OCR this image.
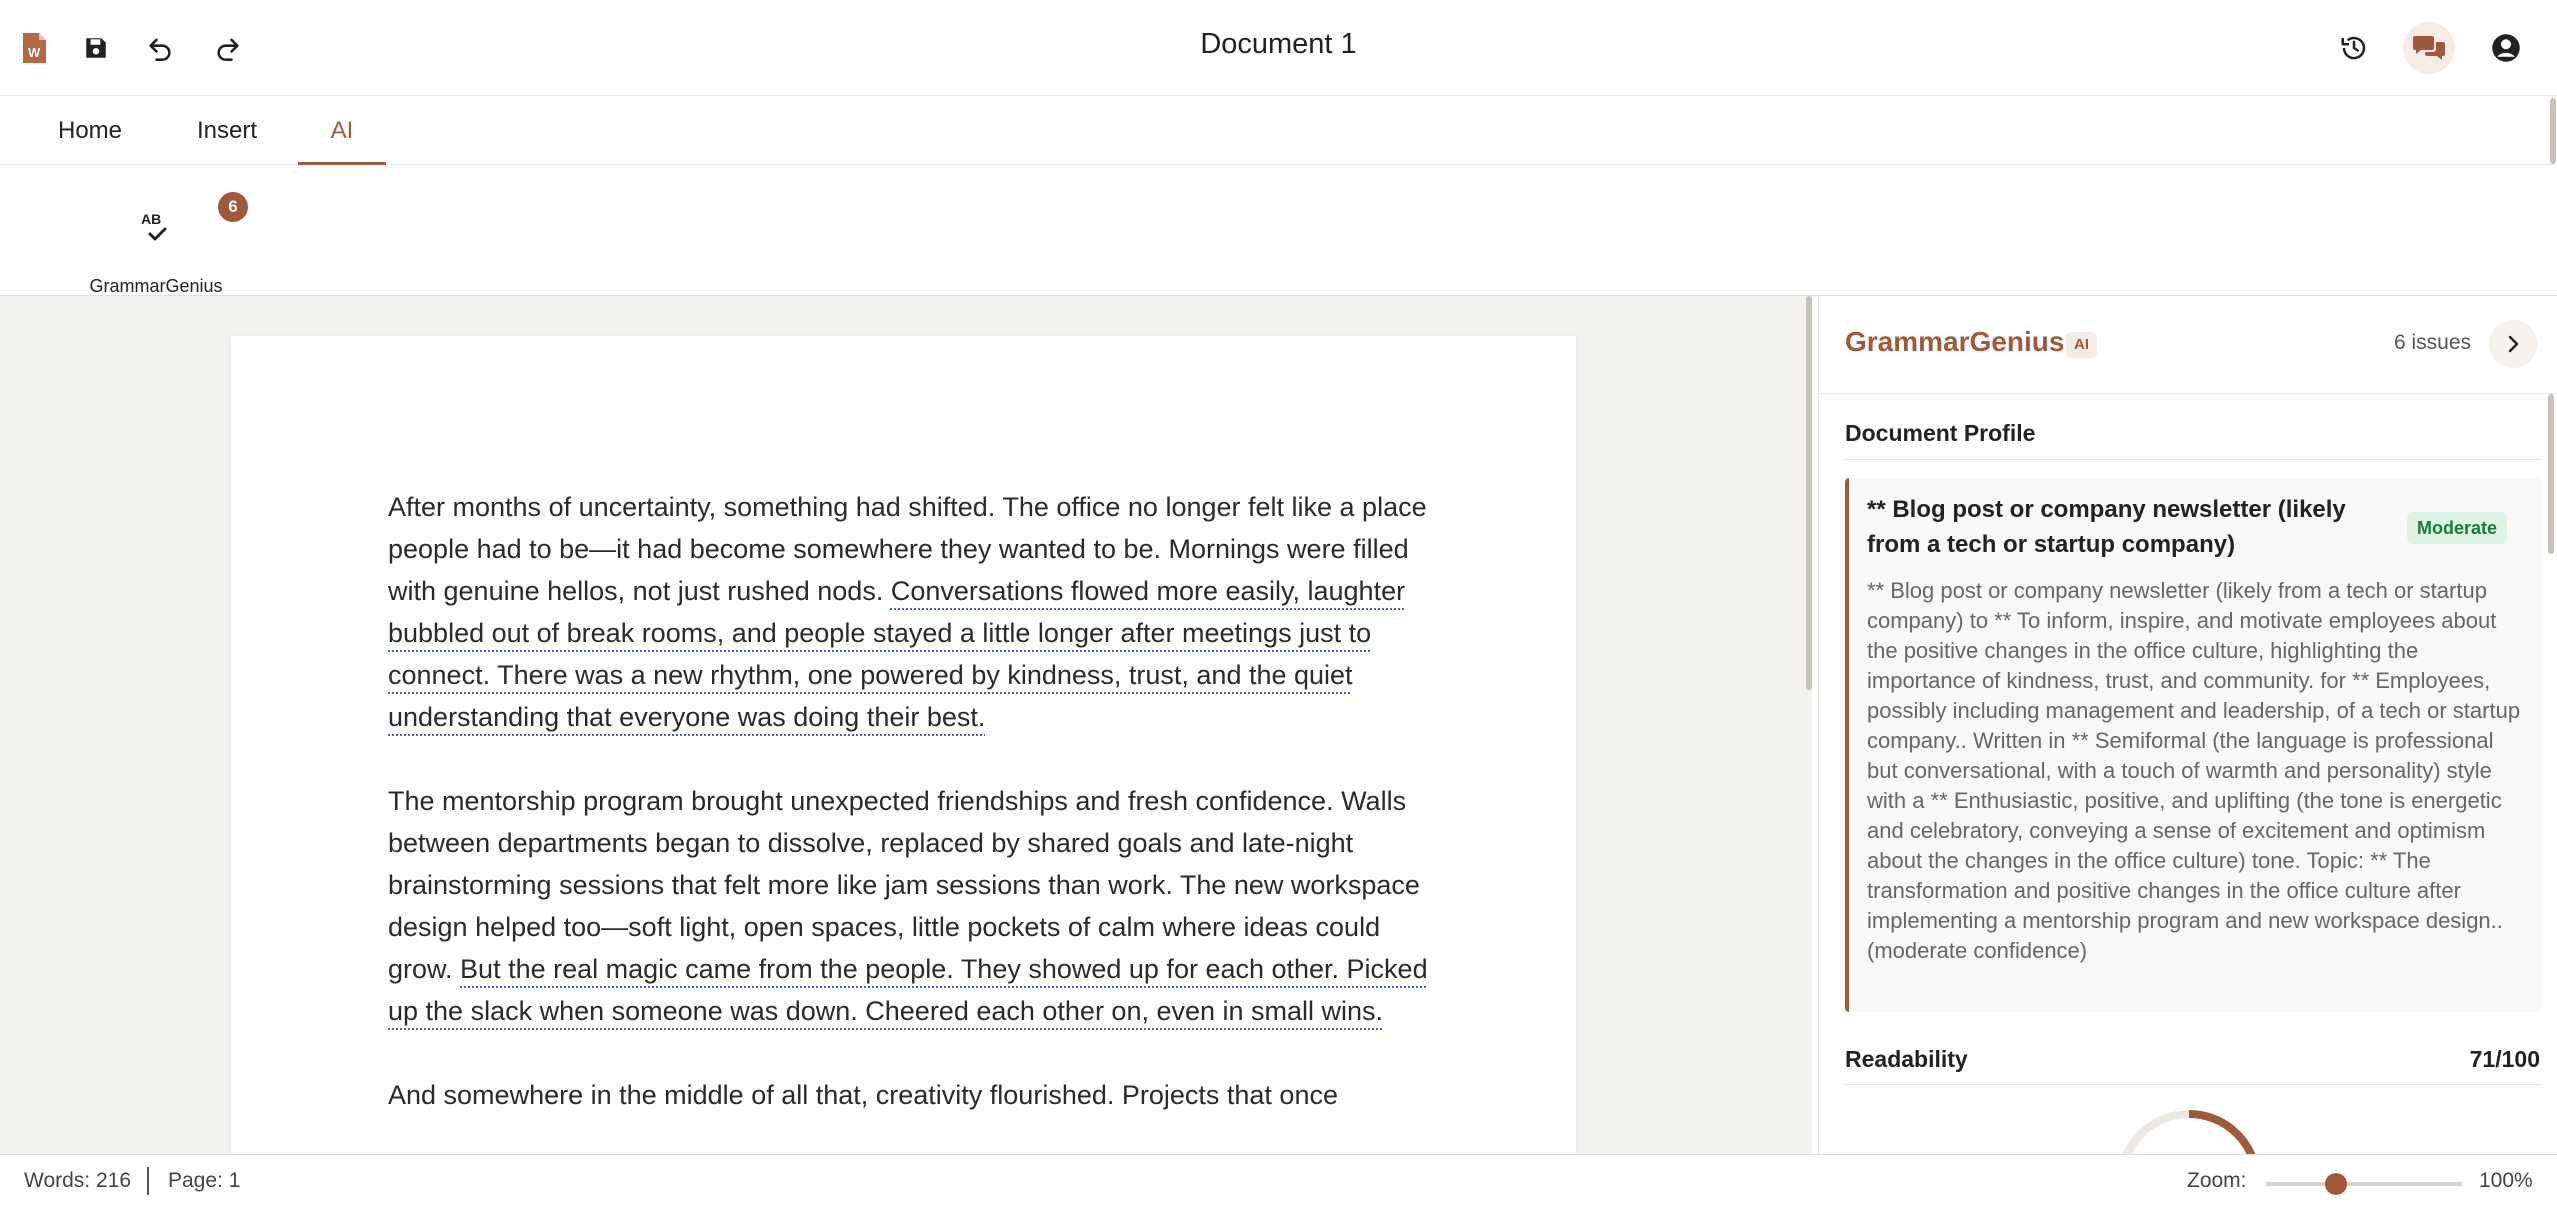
W	Document 1
Home	Insert	AI
AB
GrammarGenius
6

After months of uncertainty, something had shifted. The office no longer felt like a place people had to be—it had become somewhere they wanted to be. Mornings were filled with genuine hellos, not just rushed nods. Conversations flowed more easily, laughter bubbled out of break rooms, and people stayed a little longer after meetings just to connect. There was a new rhythm, one powered by kindness, trust, and the quiet understanding that everyone was doing their best.

The mentorship program brought unexpected friendships and fresh confidence. Walls between departments began to dissolve, replaced by shared goals and late-night brainstorming sessions that felt more like jam sessions than work. The new workspace design helped too—soft light, open spaces, little pockets of calm where ideas could grow. But the real magic came from the people. They showed up for each other. Picked up the slack when someone was down. Cheered each other on, even in small wins.

And somewhere in the middle of all that, creativity flourished. Projects that once

GrammarGenius AI	6 issues
Document Profile
** Blog post or company newsletter (likely from a tech or startup company)
Moderate
** Blog post or company newsletter (likely from a tech or startup company) to ** To inform, inspire, and motivate employees about the positive changes in the office culture, highlighting the importance of kindness, trust, and community. for ** Employees, possibly including management and leadership, of a tech or startup company.. Written in ** Semiformal (the language is professional but conversational, with a touch of warmth and personality) style with a ** Enthusiastic, positive, and uplifting (the tone is energetic and celebratory, conveying a sense of excitement and optimism about the changes in the office culture) tone. Topic: ** The transformation and positive changes in the office culture after implementing a mentorship program and new workspace design.. (moderate confidence)
Readability	71/100
Words: 216 Page: 1	Zoom:	100%
